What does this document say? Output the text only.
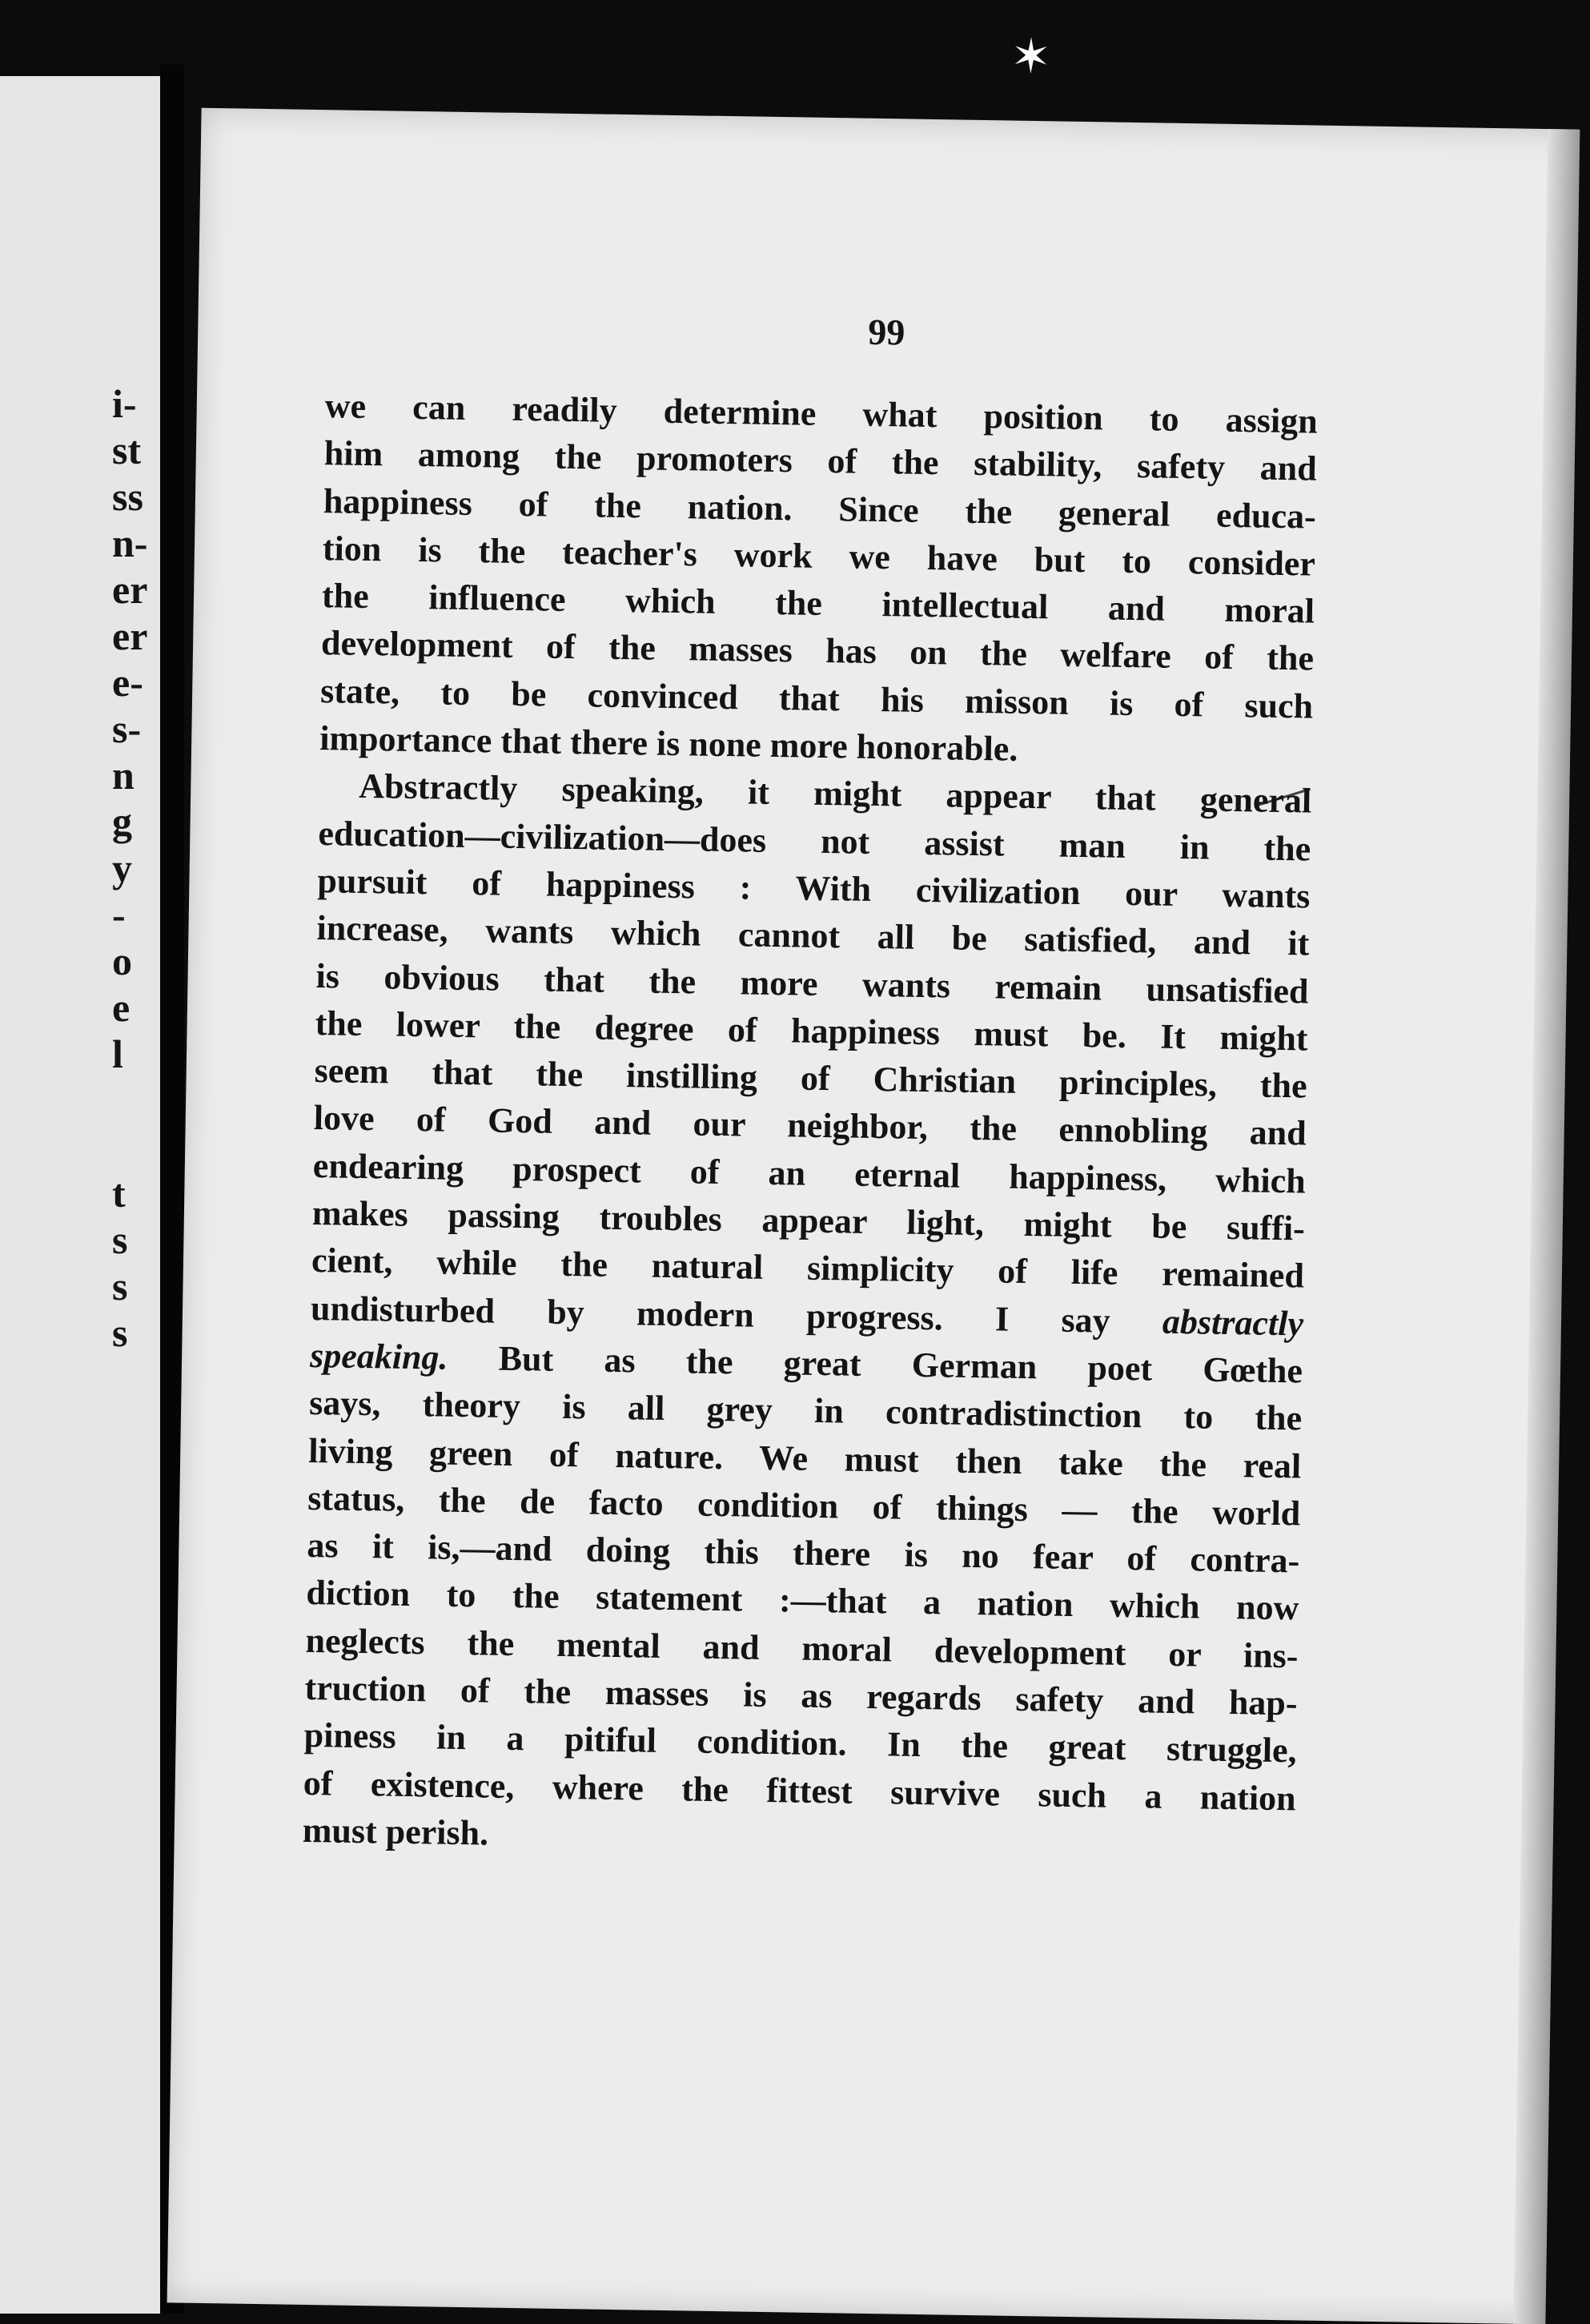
i-
st
ss
n-
er
er
e-
s-
n
g
y
-
o
e
l
t
s
s
s
✶
99
we can readily determine what position to assign
him among the promoters of the stability, safety and
happiness of the nation. Since the general educa-
tion is the teacher's work we have but to consider
the influence which the intellectual and moral
development of the masses has on the welfare of the
state, to be convinced that his misson is of such
importance that there is none more honorable.
Abstractly speaking, it might appear that general
education—civilization—does not assist man in the
pursuit of happiness : With civilization our wants
increase, wants which cannot all be satisfied, and it
is obvious that the more wants remain unsatisfied
the lower the degree of happiness must be. It might
seem that the instilling of Christian principles, the
love of God and our neighbor, the ennobling and
endearing prospect of an eternal happiness, which
makes passing troubles appear light, might be suffi-
cient, while the natural simplicity of life remained
undisturbed by modern progress. I say abstractly
speaking. But as the great German poet Gœthe
says, theory is all grey in contradistinction to the
living green of nature. We must then take the real
status, the de facto condition of things — the world
as it is,—and doing this there is no fear of contra-
diction to the statement :—that a nation which now
neglects the mental and moral development or ins-
truction of the masses is as regards safety and hap-
piness in a pitiful condition. In the great struggle,
of existence, where the fittest survive such a nation
must perish.
